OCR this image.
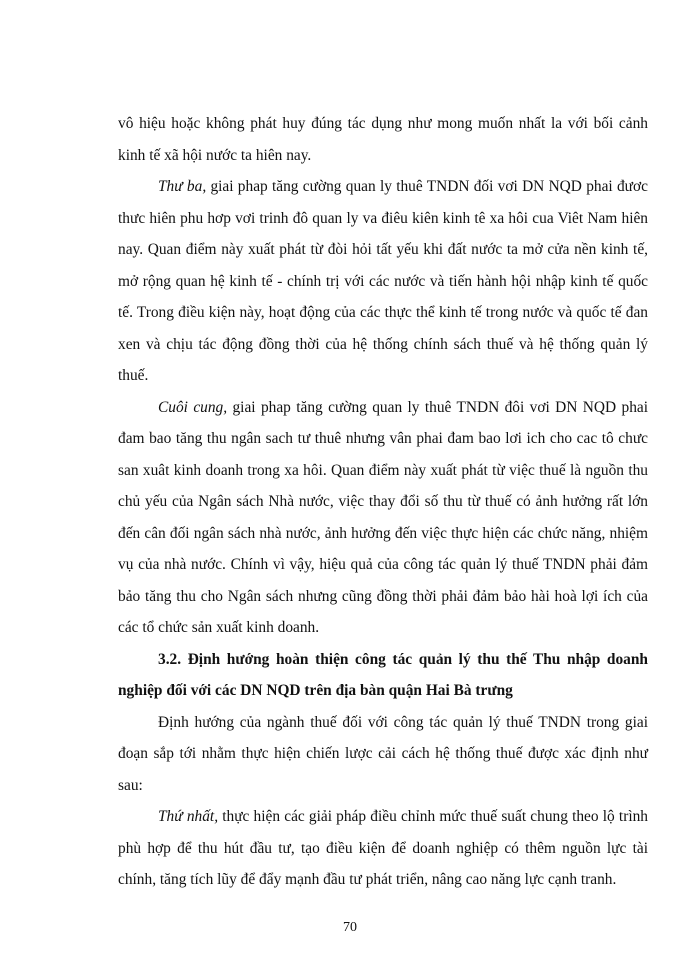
vô hiệu hoặc không phát huy đúng tác dụng như mong muốn nhất la với bối cảnh kinh tế xã hội nước ta hiên nay.

Thư ba, giai phap tăng cường quan ly thuê TNDN đối vơi DN NQD phai đươc thưc hiên phu hơp vơi trinh đô quan ly va điêu kiên kinh tê xa hôi cua Viêt Nam hiên nay. Quan điểm này xuất phát từ đòi hỏi tất yếu khi đất nước ta mở cửa nền kinh tế, mở rộng quan hệ kinh tế - chính trị với các nước và tiến hành hội nhập kinh tế quốc tế. Trong điều kiện này, hoạt động của các thực thể kinh tế trong nước và quốc tế đan xen và chịu tác động đồng thời của hệ thống chính sách thuế và hệ thống quản lý thuế.

Cuôi cung, giai phap tăng cường quan ly thuê TNDN đôi vơi DN NQD phai đam bao tăng thu ngân sach tư thuê nhưng vân phai đam bao lơi ich cho cac tô chưc san xuât kinh doanh trong xa hôi. Quan điểm này xuất phát từ việc thuế là nguồn thu chủ yếu của Ngân sách Nhà nước, việc thay đổi số thu từ thuế có ảnh hưởng rất lớn đến cân đối ngân sách nhà nước, ảnh hưởng đến việc thực hiện các chức năng, nhiệm vụ của nhà nước. Chính vì vậy, hiệu quả của công tác quản lý thuế TNDN phải đảm bảo tăng thu cho Ngân sách nhưng cũng đồng thời phải đảm bảo hài hoà lợi ích của các tổ chức sản xuất kinh doanh.

3.2. Định hướng hoàn thiện công tác quản lý thu thế Thu nhập doanh nghiệp đối với các DN NQD trên địa bàn quận Hai Bà trưng

Định hướng của ngành thuế đối với công tác quản lý thuế TNDN trong giai đoạn sắp tới nhằm thực hiện chiến lược cải cách hệ thống thuế được xác định như sau:

Thứ nhất, thực hiện các giải pháp điều chỉnh mức thuế suất chung theo lộ trình phù hợp để thu hút đầu tư, tạo điều kiện để doanh nghiệp có thêm nguồn lực tài chính, tăng tích lũy để đẩy mạnh đầu tư phát triển, nâng cao năng lực cạnh tranh.

70
